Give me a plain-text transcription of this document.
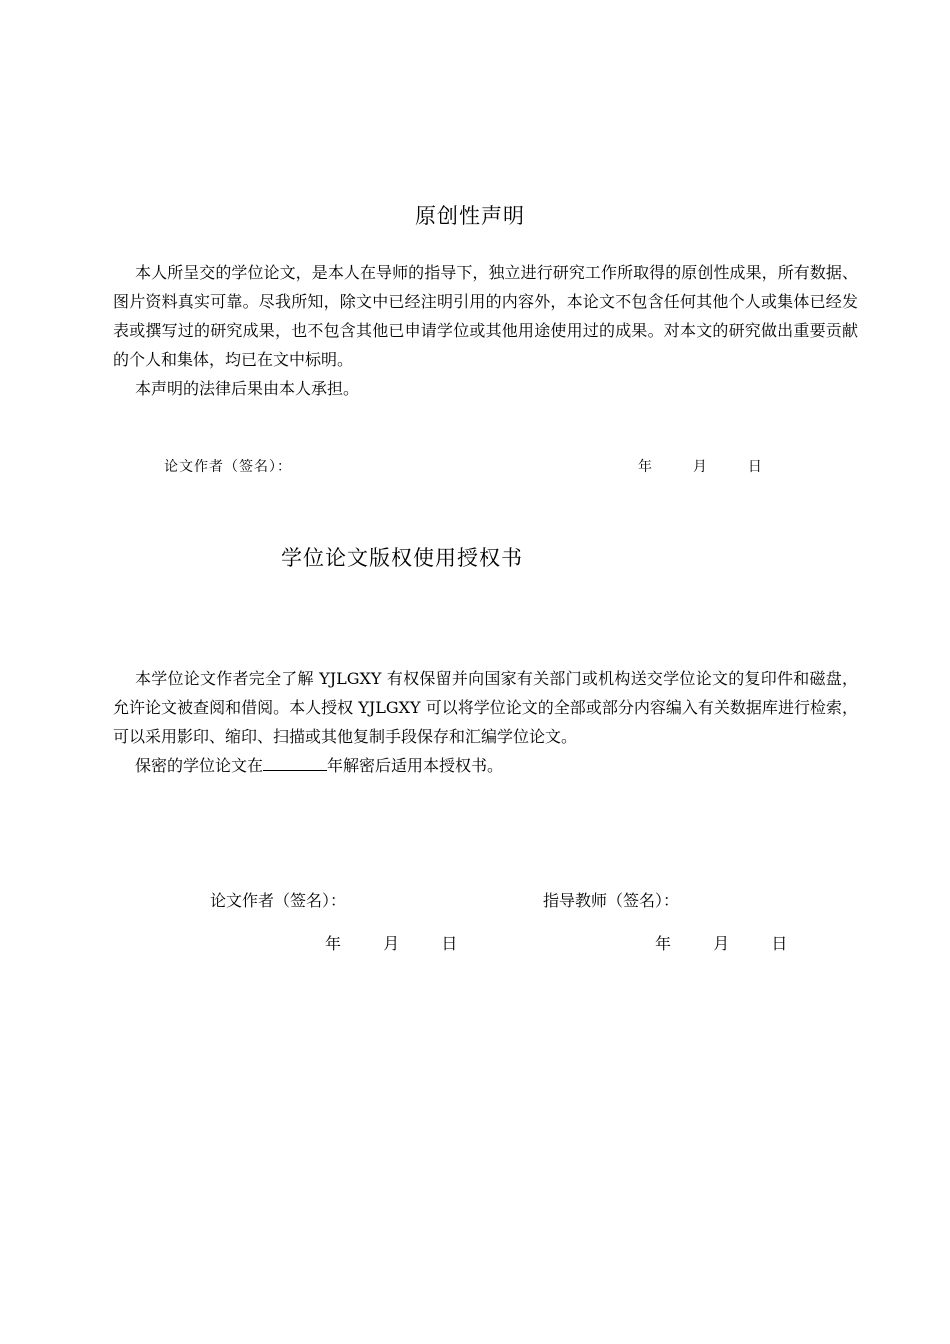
原创性声明

本人所呈交的学位论文，是本人在导师的指导下，独立进行研究工作所取得的原创性成果，所有数据、图片资料真实可靠。尽我所知，除文中已经注明引用的内容外，本论文不包含任何其他个人或集体已经发表或撰写过的研究成果，也不包含其他已申请学位或其他用途使用过的成果。对本文的研究做出重要贡献的个人和集体，均已在文中标明。

本声明的法律后果由本人承担。

论文作者（签名）：	年	月	日
学位论文版权使用授权书

本学位论文作者完全了解 YJLGXY 有权保留并向国家有关部门或机构送交学位论文的复印件和磁盘，允许论文被查阅和借阅。本人授权 YJLGXY 可以将学位论文的全部或部分内容编入有关数据库进行检索，可以采用影印、缩印、扫描或其他复制手段保存和汇编学位论文。

保密的学位论文在	年解密后适用本授权书。

论文作者（签名）：	指导教师（签名）：
年	月	日	年	月	日
